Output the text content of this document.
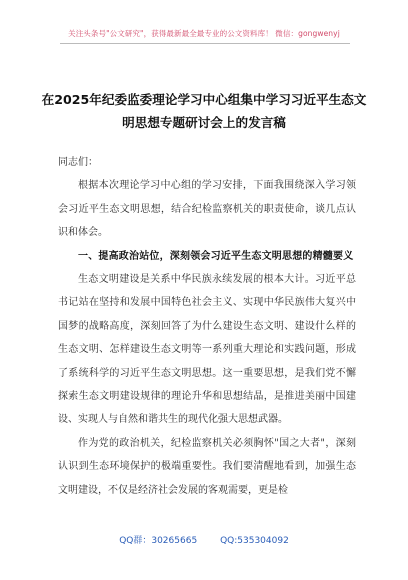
关注头条号"公文研究"，获得最新最全最专业的公文资料库！ 微信：gongwenyj
在2025年纪委监委理论学习中心组集中学习习近平生态文明思想专题研讨会上的发言稿

同志们：

根据本次理论学习中心组的学习安排，下面我围绕深入学习领会习近平生态文明思想，结合纪检监察机关的职责使命，谈几点认识和体会。

一、提高政治站位，深刻领会习近平生态文明思想的精髓要义

生态文明建设是关系中华民族永续发展的根本大计。习近平总书记站在坚持和发展中国特色社会主义、实现中华民族伟大复兴中国梦的战略高度，深刻回答了为什么建设生态文明、建设什么样的生态文明、怎样建设生态文明等一系列重大理论和实践问题，形成了系统科学的习近平生态文明思想。这一重要思想，是我们党不懈探索生态文明建设规律的理论升华和思想结晶，是推进美丽中国建设、实现人与自然和谐共生的现代化强大思想武器。

作为党的政治机关，纪检监察机关必须胸怀"国之大者"，深刻认识到生态环境保护的极端重要性。我们要清醒地看到，加强生态文明建设，不仅是经济社会发展的客观需要，更是检

QQ群：30265665	QQ:535304092
